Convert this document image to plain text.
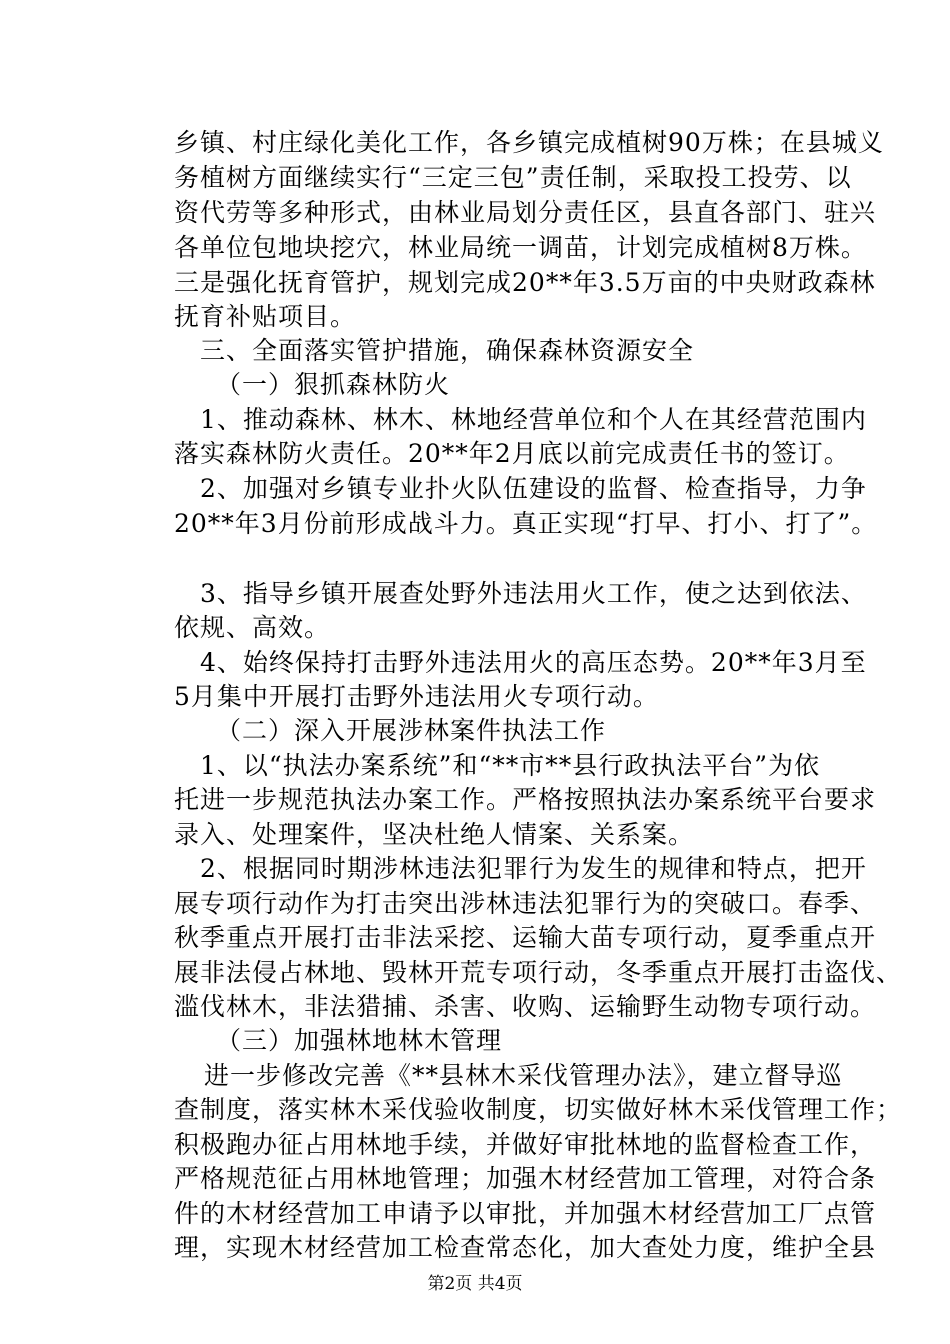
乡镇、村庄绿化美化工作，各乡镇完成植树90万株；在县城义
务植树方面继续实行“三定三包”责任制，采取投工投劳、以
资代劳等多种形式，由林业局划分责任区，县直各部门、驻兴
各单位包地块挖穴，林业局统一调苗，计划完成植树8万株。
三是强化抚育管护，规划完成20**年3.5万亩的中央财政森林
抚育补贴项目。
三、全面落实管护措施，确保森林资源安全
（一）狠抓森林防火
1、推动森林、林木、林地经营单位和个人在其经营范围内
落实森林防火责任。20**年2月底以前完成责任书的签订。
2、加强对乡镇专业扑火队伍建设的监督、检查指导，力争
20**年3月份前形成战斗力。真正实现“打早、打小、打了”。
3、指导乡镇开展查处野外违法用火工作，使之达到依法、
依规、高效。
4、始终保持打击野外违法用火的高压态势。20**年3月至
5月集中开展打击野外违法用火专项行动。
（二）深入开展涉林案件执法工作
1、以“执法办案系统”和“**市**县行政执法平台”为依
托进一步规范执法办案工作。严格按照执法办案系统平台要求
录入、处理案件，坚决杜绝人情案、关系案。
2、根据同时期涉林违法犯罪行为发生的规律和特点，把开
展专项行动作为打击突出涉林违法犯罪行为的突破口。春季、
秋季重点开展打击非法采挖、运输大苗专项行动，夏季重点开
展非法侵占林地、毁林开荒专项行动，冬季重点开展打击盗伐、
滥伐林木，非法猎捕、杀害、收购、运输野生动物专项行动。
（三）加强林地林木管理
进一步修改完善《**县林木采伐管理办法》，建立督导巡
查制度，落实林木采伐验收制度，切实做好林木采伐管理工作；
积极跑办征占用林地手续，并做好审批林地的监督检查工作，
严格规范征占用林地管理；加强木材经营加工管理，对符合条
件的木材经营加工申请予以审批，并加强木材经营加工厂点管
理，实现木材经营加工检查常态化，加大查处力度，维护全县
第2页 共4页
